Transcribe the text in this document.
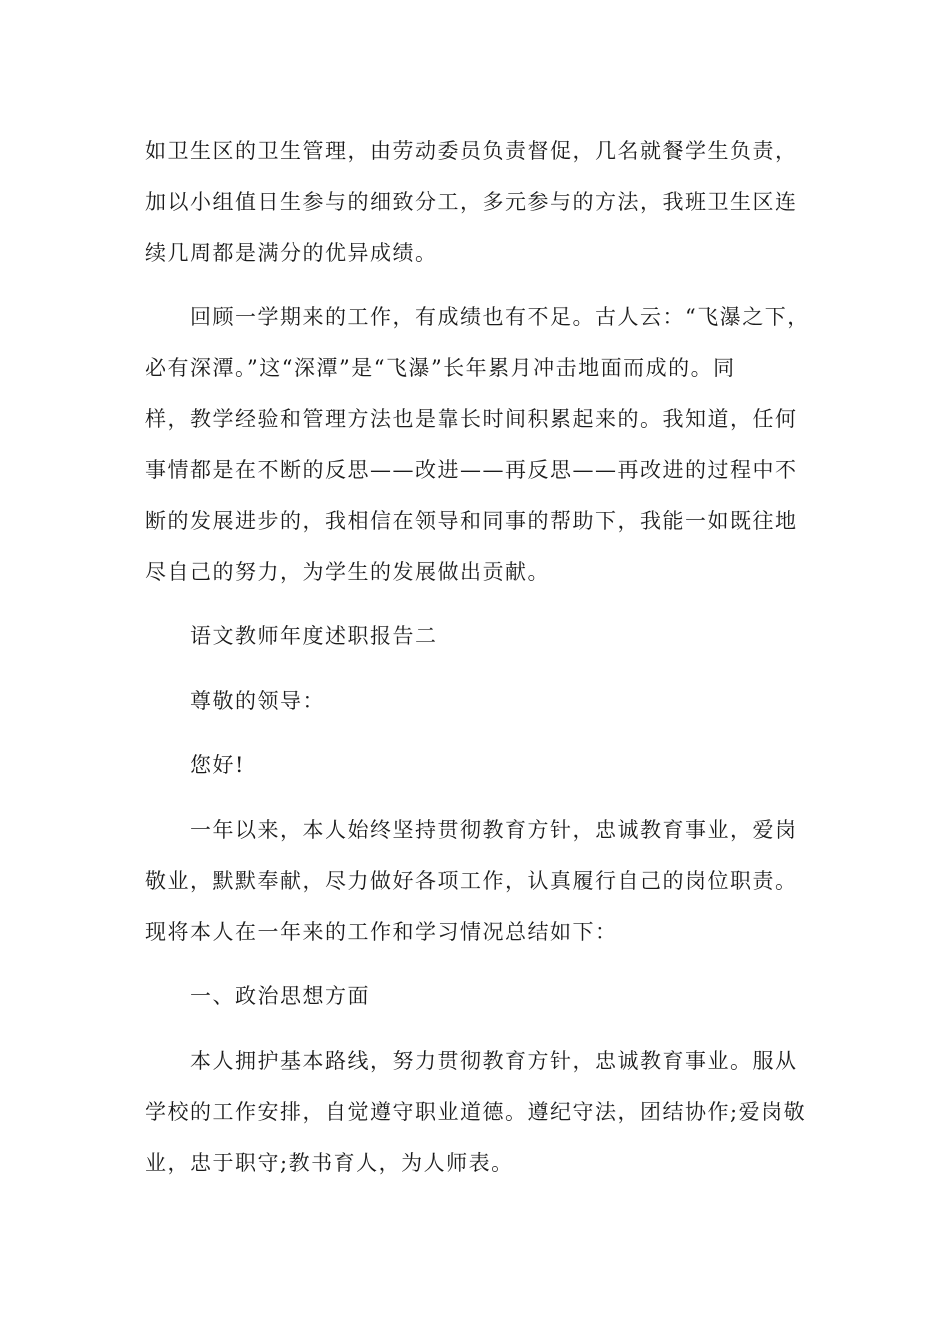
如卫生区的卫生管理，由劳动委员负责督促，几名就餐学生负责，
加以小组值日生参与的细致分工，多元参与的方法，我班卫生区连
续几周都是满分的优异成绩。
回顾一学期来的工作，有成绩也有不足。古人云：“飞瀑之下，
必有深潭。”这“深潭”是“飞瀑”长年累月冲击地面而成的。同
样，教学经验和管理方法也是靠长时间积累起来的。我知道，任何
事情都是在不断的反思——改进——再反思——再改进的过程中不
断的发展进步的，我相信在领导和同事的帮助下，我能一如既往地
尽自己的努力，为学生的发展做出贡献。
语文教师年度述职报告二
尊敬的领导：
您好!
一年以来，本人始终坚持贯彻教育方针，忠诚教育事业，爱岗
敬业，默默奉献，尽力做好各项工作，认真履行自己的岗位职责。
现将本人在一年来的工作和学习情况总结如下：
一、政治思想方面
本人拥护基本路线，努力贯彻教育方针，忠诚教育事业。服从
学校的工作安排，自觉遵守职业道德。遵纪守法，团结协作;爱岗敬
业，忠于职守;教书育人，为人师表。
